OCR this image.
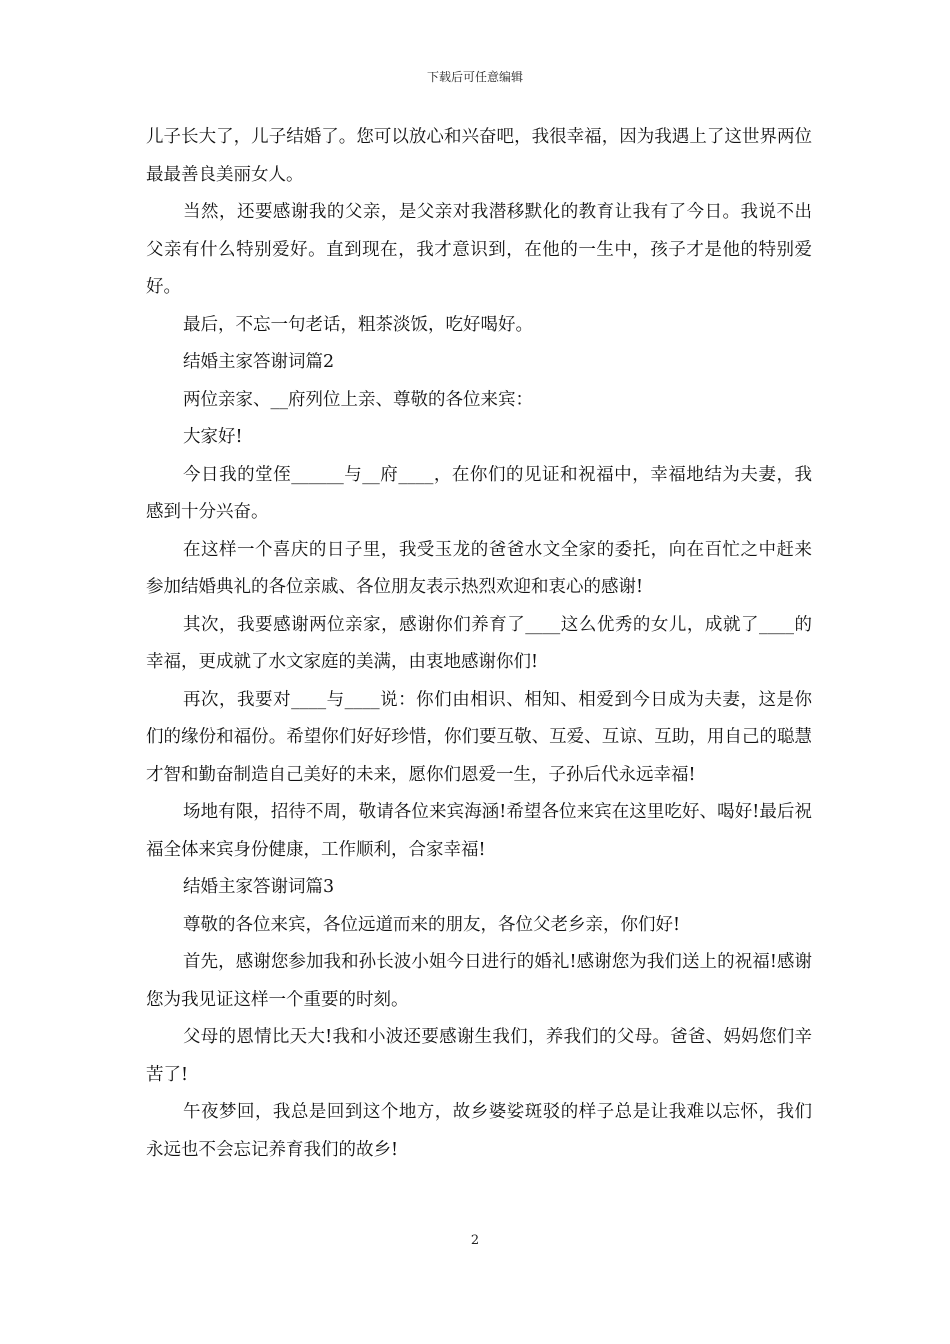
下载后可任意编辑

儿子长大了，儿子结婚了。您可以放心和兴奋吧，我很幸福，因为我遇上了这世界两位最最善良美丽女人。

当然，还要感谢我的父亲，是父亲对我潜移默化的教育让我有了今日。我说不出父亲有什么特别爱好。直到现在，我才意识到，在他的一生中，孩子才是他的特别爱好。

最后，不忘一句老话，粗茶淡饭，吃好喝好。

结婚主家答谢词篇2

两位亲家、__府列位上亲、尊敬的各位来宾：

大家好!

今日我的堂侄______与__府____，在你们的见证和祝福中，幸福地结为夫妻，我感到十分兴奋。

在这样一个喜庆的日子里，我受玉龙的爸爸水文全家的委托，向在百忙之中赶来参加结婚典礼的各位亲戚、各位朋友表示热烈欢迎和衷心的感谢!

其次，我要感谢两位亲家，感谢你们养育了____这么优秀的女儿，成就了____的幸福，更成就了水文家庭的美满，由衷地感谢你们!

再次，我要对____与____说：你们由相识、相知、相爱到今日成为夫妻，这是你们的缘份和福份。希望你们好好珍惜，你们要互敬、互爱、互谅、互助，用自己的聪慧才智和勤奋制造自己美好的未来，愿你们恩爱一生，子孙后代永远幸福!

场地有限，招待不周，敬请各位来宾海涵!希望各位来宾在这里吃好、喝好!最后祝福全体来宾身份健康，工作顺利，合家幸福!

结婚主家答谢词篇3

尊敬的各位来宾，各位远道而来的朋友，各位父老乡亲，你们好!

首先，感谢您参加我和孙长波小姐今日进行的婚礼!感谢您为我们送上的祝福!感谢您为我见证这样一个重要的时刻。

父母的恩情比天大!我和小波还要感谢生我们，养我们的父母。爸爸、妈妈您们辛苦了!

午夜梦回，我总是回到这个地方，故乡婆娑斑驳的样子总是让我难以忘怀，我们永远也不会忘记养育我们的故乡!

2
